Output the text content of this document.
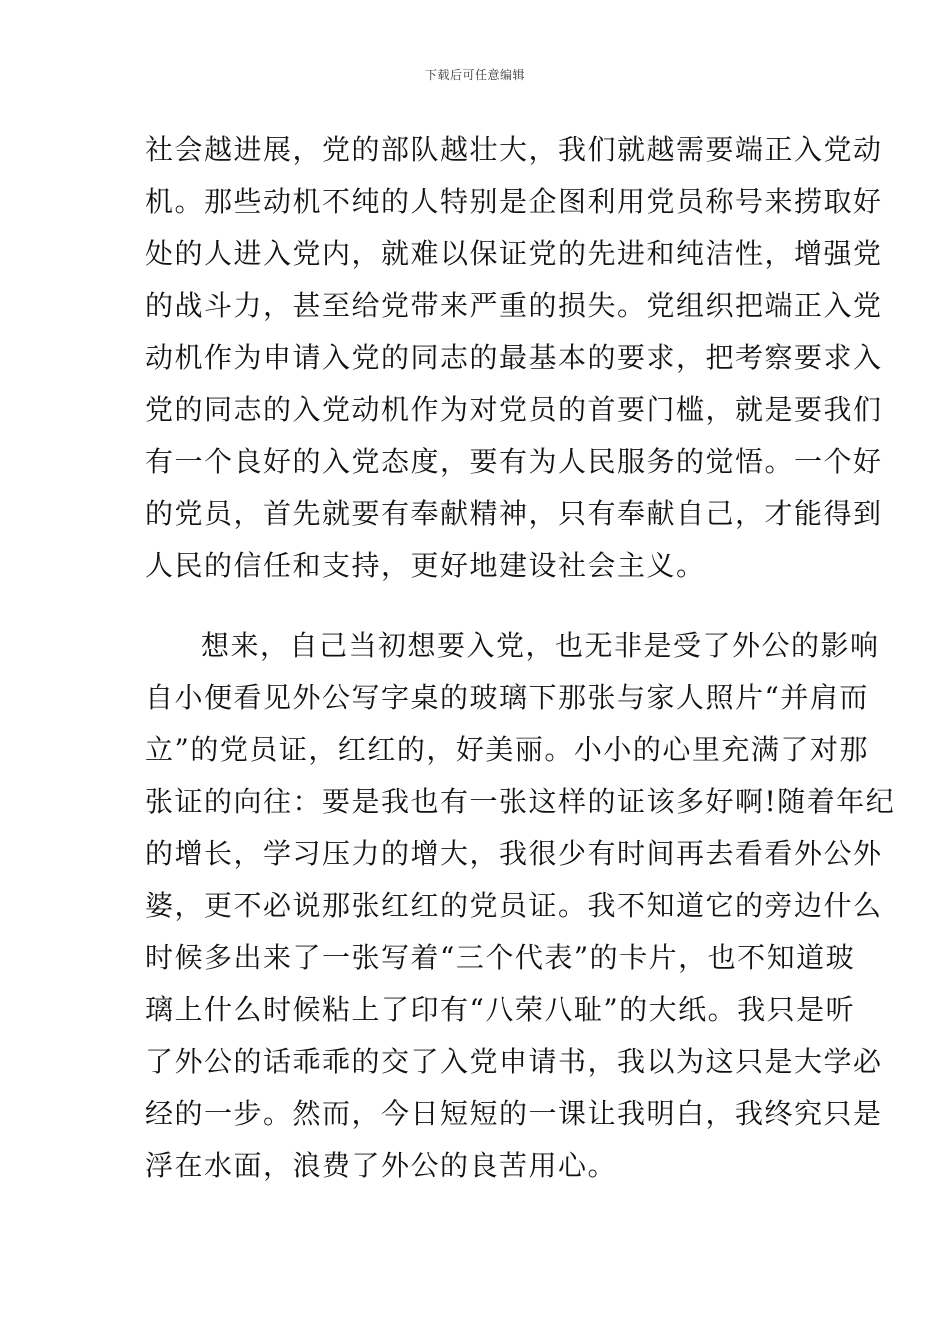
下载后可任意编辑
社会越进展，党的部队越壮大，我们就越需要端正入党动
机。那些动机不纯的人特别是企图利用党员称号来捞取好
处的人进入党内，就难以保证党的先进和纯洁性，增强党
的战斗力，甚至给党带来严重的损失。党组织把端正入党
动机作为申请入党的同志的最基本的要求，把考察要求入
党的同志的入党动机作为对党员的首要门槛，就是要我们
有一个良好的入党态度，要有为人民服务的觉悟。一个好
的党员，首先就要有奉献精神，只有奉献自己，才能得到
人民的信任和支持，更好地建设社会主义。
想来，自己当初想要入党，也无非是受了外公的影响
自小便看见外公写字桌的玻璃下那张与家人照片“并肩而
立”的党员证，红红的，好美丽。小小的心里充满了对那
张证的向往：要是我也有一张这样的证该多好啊!随着年纪
的增长，学习压力的增大，我很少有时间再去看看外公外
婆，更不必说那张红红的党员证。我不知道它的旁边什么
时候多出来了一张写着“三个代表”的卡片，也不知道玻
璃上什么时候粘上了印有“八荣八耻”的大纸。我只是听
了外公的话乖乖的交了入党申请书，我以为这只是大学必
经的一步。然而，今日短短的一课让我明白，我终究只是
浮在水面，浪费了外公的良苦用心。
